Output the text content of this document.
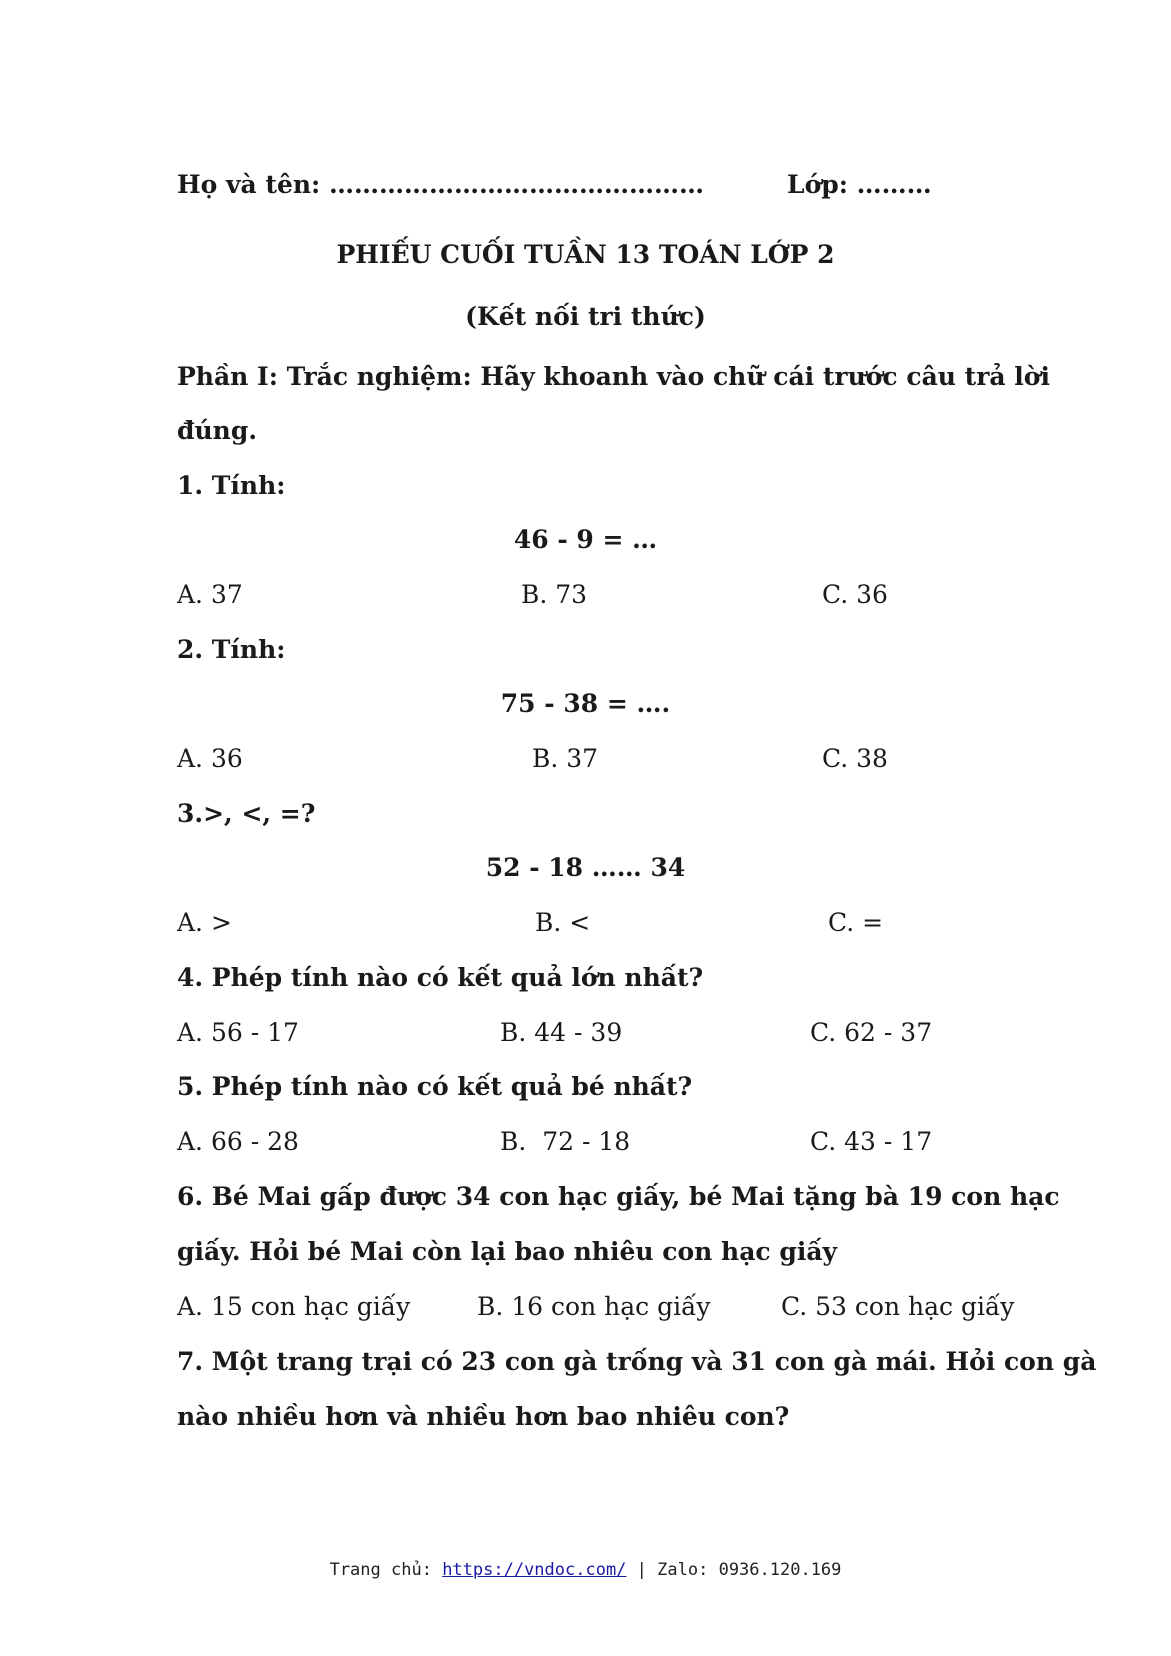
Họ và tên: ………………………………………	Lớp: ………
PHIẾU CUỐI TUẦN 13 TOÁN LỚP 2
(Kết nối tri thức)
Phần I: Trắc nghiệm: Hãy khoanh vào chữ cái trước câu trả lời
đúng.
1. Tính:
46 - 9 = …
A. 37	B. 73	C. 36
2. Tính:
75 - 38 = ….
A. 36	B. 37	C. 38
3.>, <, =?
52 - 18 …… 34
A. >	B. <	C. =
4. Phép tính nào có kết quả lớn nhất?
A. 56 - 17	B. 44 - 39	C. 62 - 37
5. Phép tính nào có kết quả bé nhất?
A. 66 - 28	B.  72 - 18	C. 43 - 17
6. Bé Mai gấp được 34 con hạc giấy, bé Mai tặng bà 19 con hạc
giấy. Hỏi bé Mai còn lại bao nhiêu con hạc giấy
A. 15 con hạc giấy	B. 16 con hạc giấy	C. 53 con hạc giấy
7. Một trang trại có 23 con gà trống và 31 con gà mái. Hỏi con gà
nào nhiều hơn và nhiều hơn bao nhiêu con?
Trang chủ: https://vndoc.com/ | Zalo: 0936.120.169
